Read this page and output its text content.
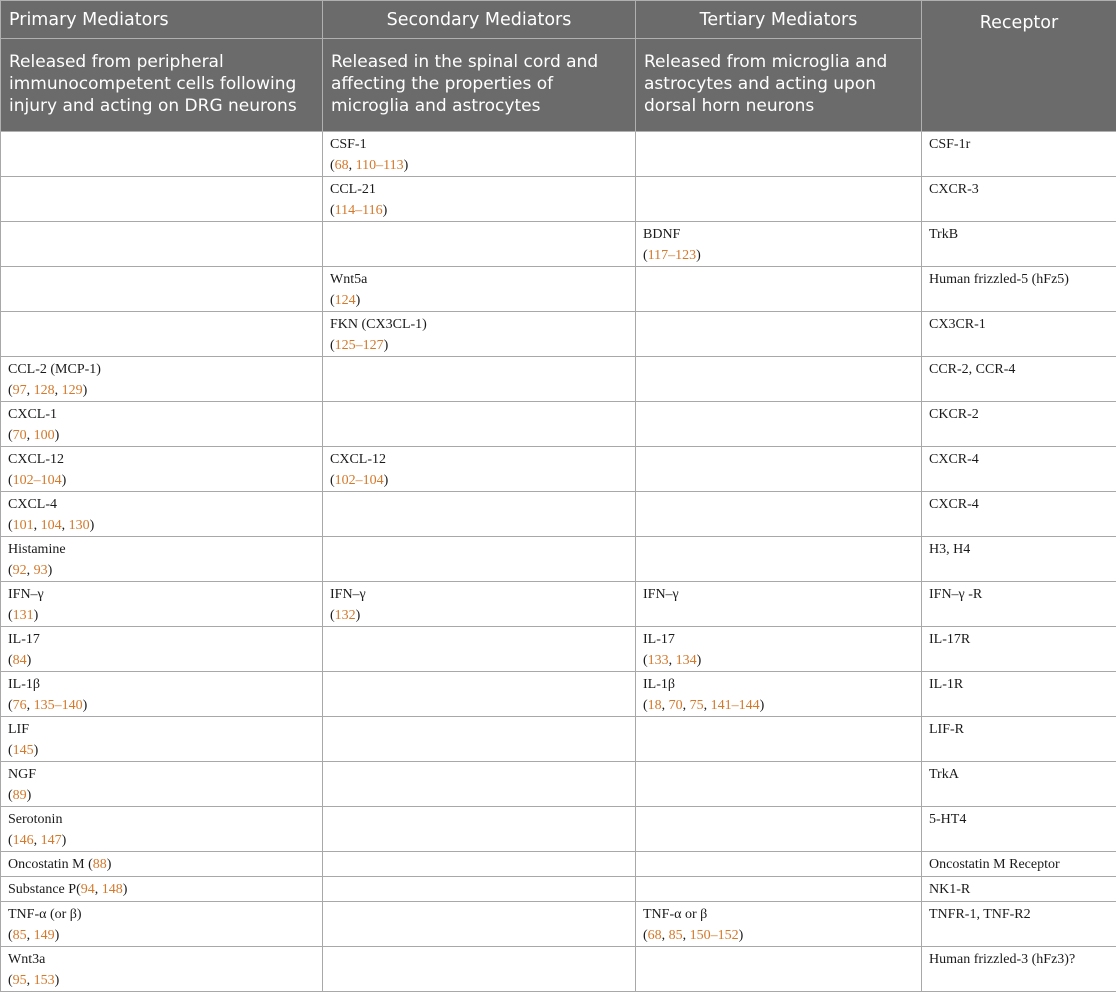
Primary Mediators	Secondary Mediators	Tertiary Mediators	Receptor
Released from peripheral immunocompetent cells following injury and acting on DRG neurons	Released in the spinal cord and affecting the properties of microglia and astrocytes	Released from microglia and astrocytes and acting upon dorsal horn neurons	

	CSF-1
(68, 110–113)		CSF-1r

	CCL-21
(114–116)		CXCR-3

		BDNF
(117–123)	TrkB

	Wnt5a
(124)		Human frizzled-5 (hFz5)

	FKN (CX3CL-1)
(125–127)		CX3CR-1

CCL-2 (MCP-1)
(97, 128, 129)			CCR-2, CCR-4

CXCL-1
(70, 100)			CKCR-2

CXCL-12
(102–104)	CXCL-12
(102–104)		CXCR-4

CXCL-4
(101, 104, 130)			CXCR-4

Histamine
(92, 93)			H3, H4

IFN–γ
(131)	IFN–γ
(132)	IFN–γ	IFN–γ -R

IL-17
(84)		IL-17
(133, 134)	IL-17R

IL-1β
(76, 135–140)		IL-1β
(18, 70, 75, 141–144)	IL-1R

LIF
(145)			LIF-R

NGF
(89)			TrkA

Serotonin
(146, 147)			5-HT4

Oncostatin M (88)			Oncostatin M Receptor

Substance P(94, 148)			NK1-R

TNF-α (or β)
(85, 149)		TNF-α or β
(68, 85, 150–152)	TNFR-1, TNF-R2

Wnt3a
(95, 153)			Human frizzled-3 (hFz3)?
